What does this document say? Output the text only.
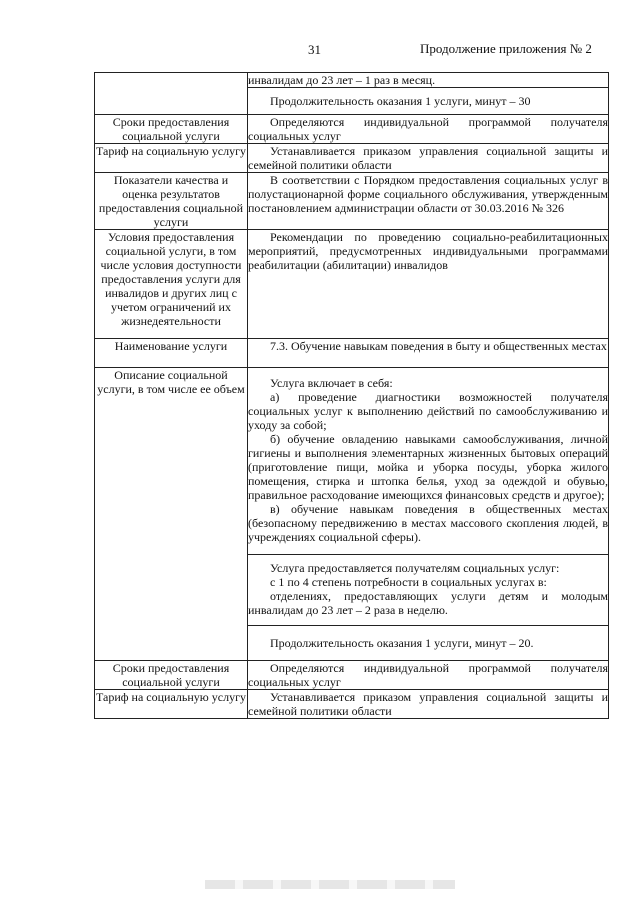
31	Продолжение приложения № 2
	инвалидам до 23 лет – 1 раз в месяц.
	Продолжительность оказания 1 услуги, минут – 30
Сроки предоставления социальной услуги	Определяются индивидуальной программой получателя социальных услуг
Тариф на социальную услугу	Устанавливается приказом управления социальной защиты и семейной политики области
Показатели качества и оценка результатов предоставления социальной услуги	В соответствии с Порядком предоставления социальных услуг в полустационарной форме социального обслуживания, утвержденным постановлением администрации области от 30.03.2016 № 326
Условия предоставления социальной услуги, в том числе условия доступности предоставления услуги для инвалидов и других лиц с учетом ограничений их жизнедеятельности	Рекомендации по проведению социально-реабилитационных мероприятий, предусмотренных индивидуальными программами реабилитации (абилитации) инвалидов
Наименование услуги	7.3. Обучение навыкам поведения в быту и общественных местах
Описание социальной услуги, в том числе ее объем	Услуга включает в себя:

а) проведение диагностики возможностей получателя социальных услуг к выполнению действий по самообслуживанию и уходу за собой;

б) обучение овладению навыками самообслуживания, личной гигиены и выполнения элементарных жизненных бытовых операций (приготовление пищи, мойка и уборка посуды, уборка жилого помещения, стирка и штопка белья, уход за одеждой и обувью, правильное расходование имеющихся финансовых средств и другое);

в) обучение навыкам поведения в общественных местах (безопасному передвижению в местах массового скопления людей, в учреждениях социальной сферы).

	Услуга предоставляется получателям социальных услуг:

с 1 по 4 степень потребности в социальных услугах в:

отделениях, предоставляющих услуги детям и молодым инвалидам до 23 лет – 2 раза в неделю.

	Продолжительность оказания 1 услуги, минут – 20.
Сроки предоставления социальной услуги	Определяются индивидуальной программой получателя социальных услуг
Тариф на социальную услугу	Устанавливается приказом управления социальной защиты и семейной политики области
